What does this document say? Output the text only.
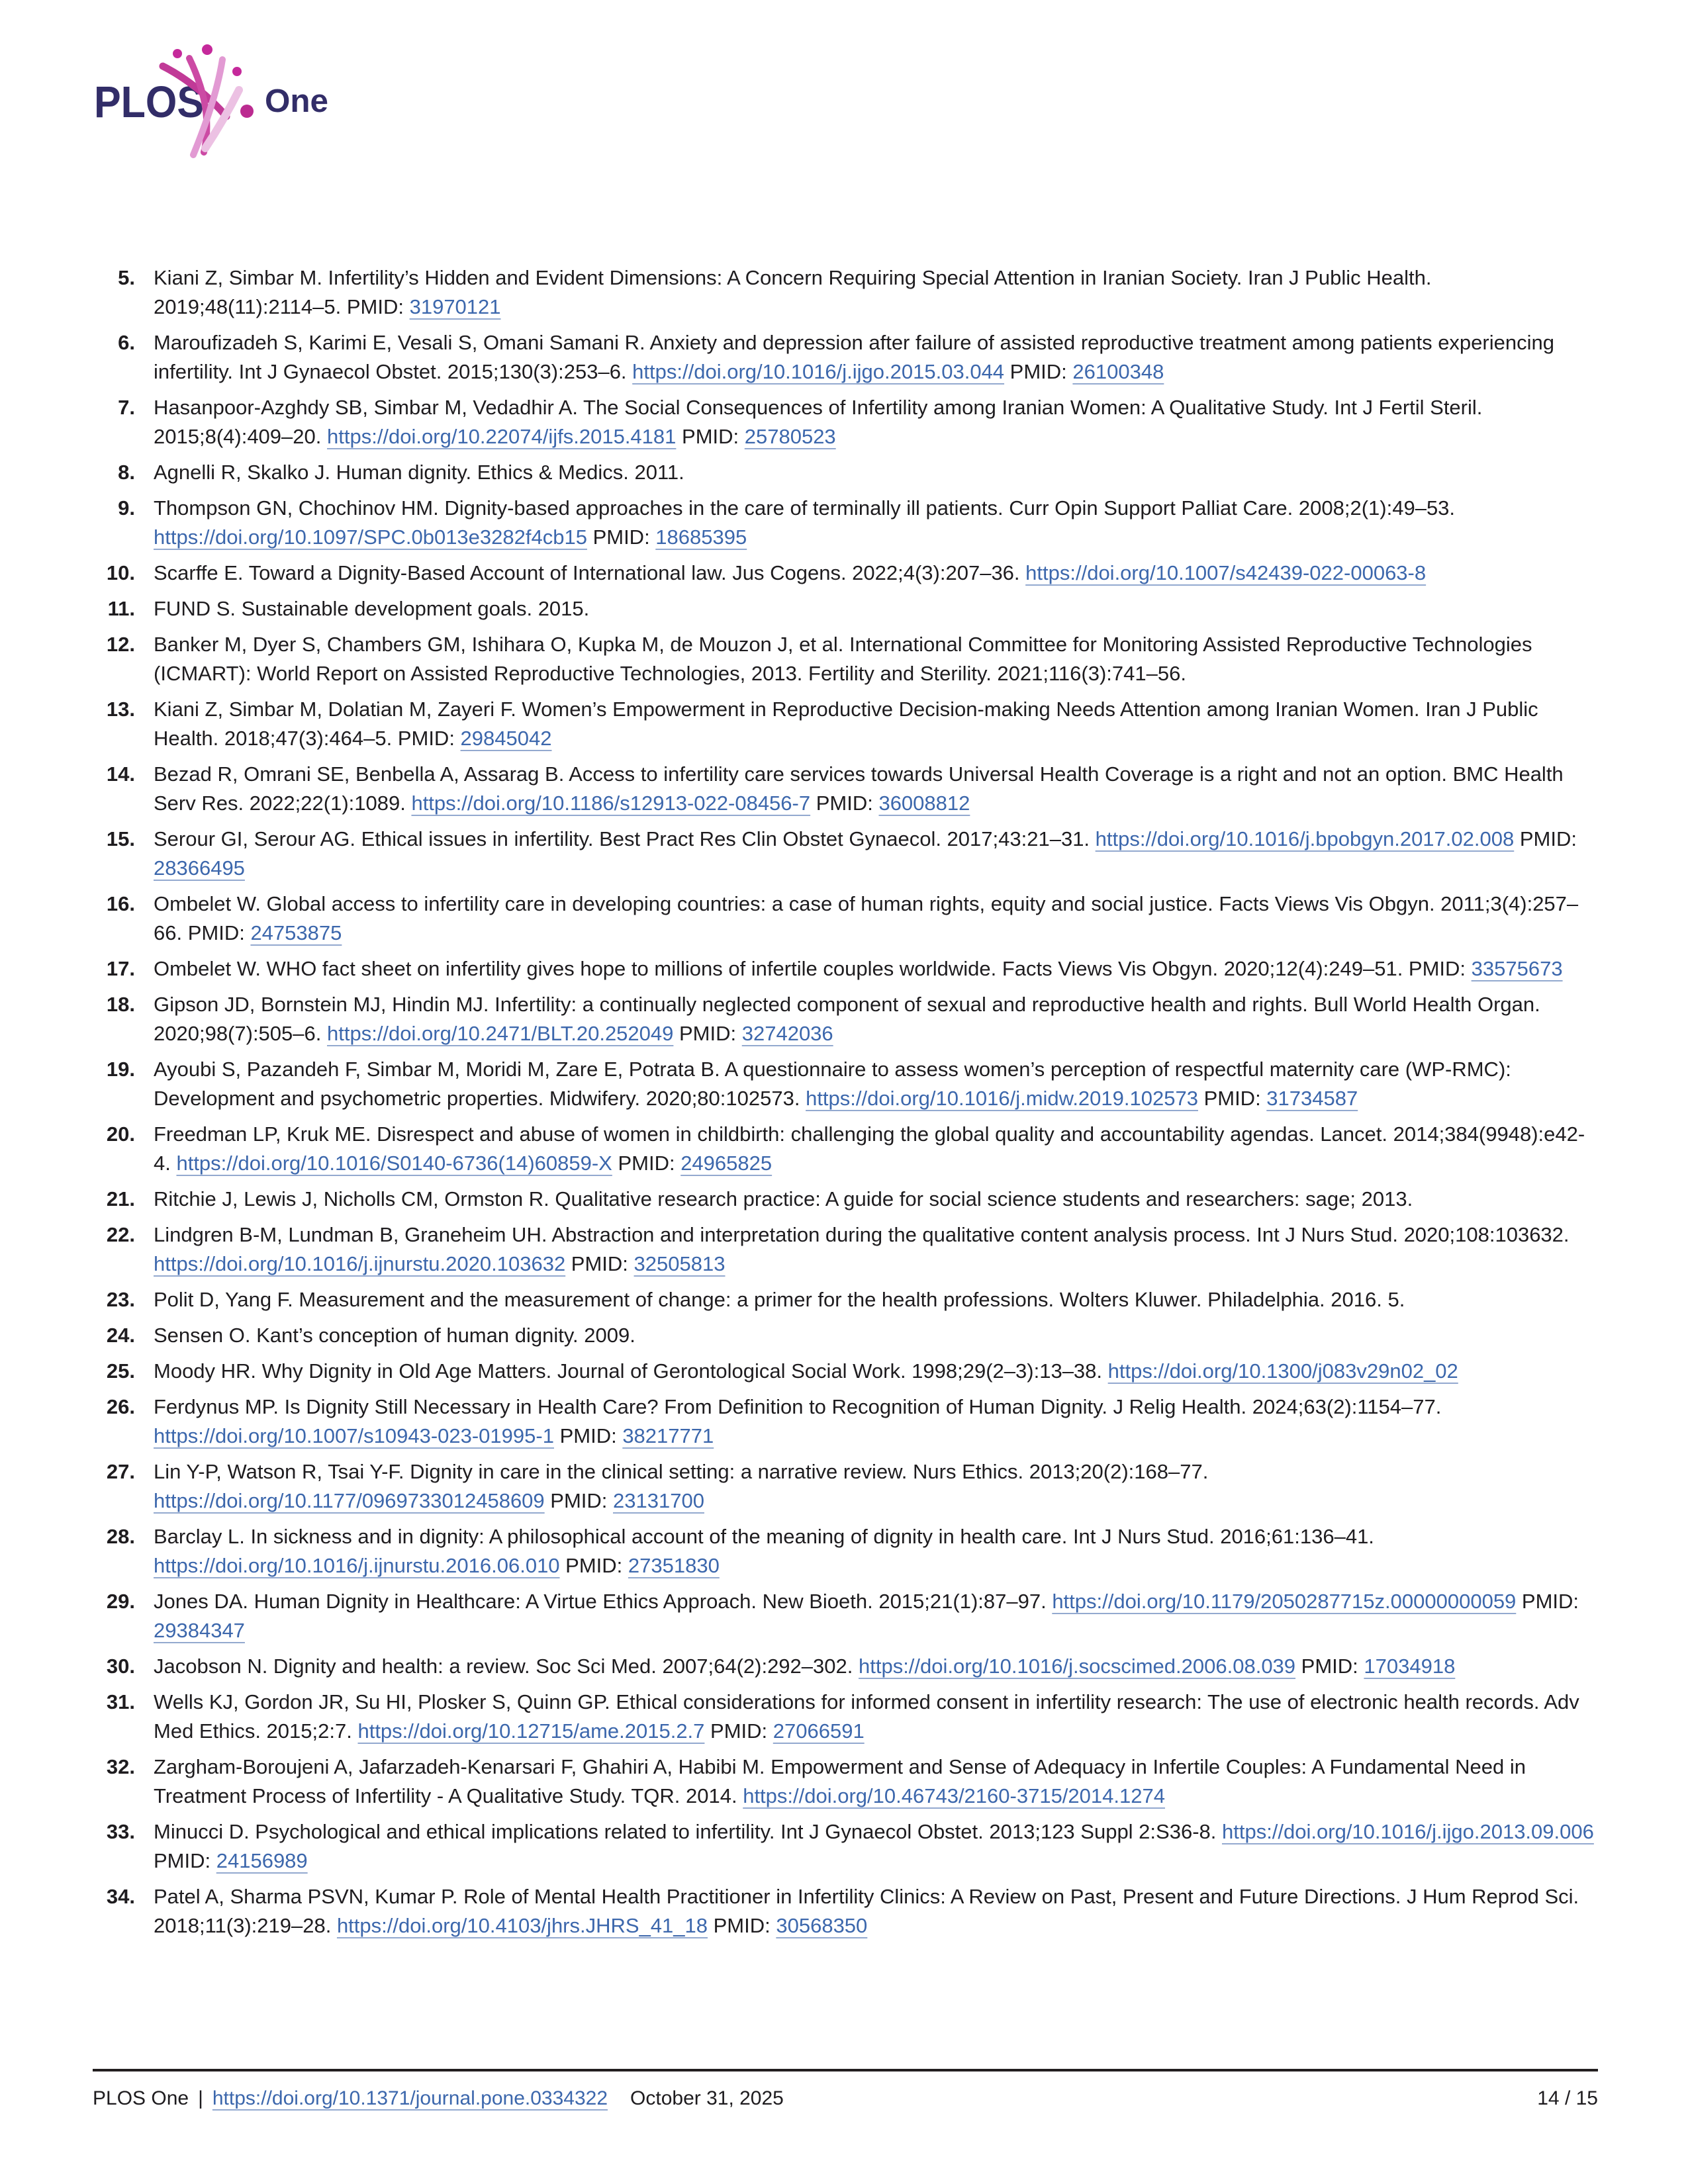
PLOS One
5. Kiani Z, Simbar M. Infertility’s Hidden and Evident Dimensions: A Concern Requiring Special Attention in Iranian Society. Iran J Public Health. 2019;48(11):2114–5. PMID: 31970121

6. Maroufizadeh S, Karimi E, Vesali S, Omani Samani R. Anxiety and depression after failure of assisted reproductive treatment among patients experiencing infertility. Int J Gynaecol Obstet. 2015;130(3):253–6. https://doi.org/10.1016/j.ijgo.2015.03.044 PMID: 26100348

7. Hasanpoor-Azghdy SB, Simbar M, Vedadhir A. The Social Consequences of Infertility among Iranian Women: A Qualitative Study. Int J Fertil Steril. 2015;8(4):409–20. https://doi.org/10.22074/ijfs.2015.4181 PMID: 25780523

8. Agnelli R, Skalko J. Human dignity. Ethics & Medics. 2011.

9. Thompson GN, Chochinov HM. Dignity-based approaches in the care of terminally ill patients. Curr Opin Support Palliat Care. 2008;2(1):49–53. https://doi.org/10.1097/SPC.0b013e3282f4cb15 PMID: 18685395

10. Scarffe E. Toward a Dignity-Based Account of International law. Jus Cogens. 2022;4(3):207–36. https://doi.org/10.1007/s42439-022-00063-8

11. FUND S. Sustainable development goals. 2015.

12. Banker M, Dyer S, Chambers GM, Ishihara O, Kupka M, de Mouzon J, et al. International Committee for Monitoring Assisted Reproductive Technologies (ICMART): World Report on Assisted Reproductive Technologies, 2013. Fertility and Sterility. 2021;116(3):741–56.

13. Kiani Z, Simbar M, Dolatian M, Zayeri F. Women’s Empowerment in Reproductive Decision-making Needs Attention among Iranian Women. Iran J Public Health. 2018;47(3):464–5. PMID: 29845042

14. Bezad R, Omrani SE, Benbella A, Assarag B. Access to infertility care services towards Universal Health Coverage is a right and not an option. BMC Health Serv Res. 2022;22(1):1089. https://doi.org/10.1186/s12913-022-08456-7 PMID: 36008812

15. Serour GI, Serour AG. Ethical issues in infertility. Best Pract Res Clin Obstet Gynaecol. 2017;43:21–31. https://doi.org/10.1016/j.bpobgyn.2017.02.008 PMID: 28366495

16. Ombelet W. Global access to infertility care in developing countries: a case of human rights, equity and social justice. Facts Views Vis Obgyn. 2011;3(4):257–66. PMID: 24753875

17. Ombelet W. WHO fact sheet on infertility gives hope to millions of infertile couples worldwide. Facts Views Vis Obgyn. 2020;12(4):249–51. PMID: 33575673

18. Gipson JD, Bornstein MJ, Hindin MJ. Infertility: a continually neglected component of sexual and reproductive health and rights. Bull World Health Organ. 2020;98(7):505–6. https://doi.org/10.2471/BLT.20.252049 PMID: 32742036

19. Ayoubi S, Pazandeh F, Simbar M, Moridi M, Zare E, Potrata B. A questionnaire to assess women’s perception of respectful maternity care (WP-RMC): Development and psychometric properties. Midwifery. 2020;80:102573. https://doi.org/10.1016/j.midw.2019.102573 PMID: 31734587

20. Freedman LP, Kruk ME. Disrespect and abuse of women in childbirth: challenging the global quality and accountability agendas. Lancet. 2014;384(9948):e42-4. https://doi.org/10.1016/S0140-6736(14)60859-X PMID: 24965825

21. Ritchie J, Lewis J, Nicholls CM, Ormston R. Qualitative research practice: A guide for social science students and researchers: sage; 2013.

22. Lindgren B-M, Lundman B, Graneheim UH. Abstraction and interpretation during the qualitative content analysis process. Int J Nurs Stud. 2020;108:103632. https://doi.org/10.1016/j.ijnurstu.2020.103632 PMID: 32505813

23. Polit D, Yang F. Measurement and the measurement of change: a primer for the health professions. Wolters Kluwer. Philadelphia. 2016. 5.

24. Sensen O. Kant’s conception of human dignity. 2009.

25. Moody HR. Why Dignity in Old Age Matters. Journal of Gerontological Social Work. 1998;29(2–3):13–38. https://doi.org/10.1300/j083v29n02_02

26. Ferdynus MP. Is Dignity Still Necessary in Health Care? From Definition to Recognition of Human Dignity. J Relig Health. 2024;63(2):1154–77. https://doi.org/10.1007/s10943-023-01995-1 PMID: 38217771

27. Lin Y-P, Watson R, Tsai Y-F. Dignity in care in the clinical setting: a narrative review. Nurs Ethics. 2013;20(2):168–77. https://doi.org/10.1177/0969733012458609 PMID: 23131700

28. Barclay L. In sickness and in dignity: A philosophical account of the meaning of dignity in health care. Int J Nurs Stud. 2016;61:136–41. https://doi.org/10.1016/j.ijnurstu.2016.06.010 PMID: 27351830

29. Jones DA. Human Dignity in Healthcare: A Virtue Ethics Approach. New Bioeth. 2015;21(1):87–97. https://doi.org/10.1179/2050287715z.00000000059 PMID: 29384347

30. Jacobson N. Dignity and health: a review. Soc Sci Med. 2007;64(2):292–302. https://doi.org/10.1016/j.socscimed.2006.08.039 PMID: 17034918

31. Wells KJ, Gordon JR, Su HI, Plosker S, Quinn GP. Ethical considerations for informed consent in infertility research: The use of electronic health records. Adv Med Ethics. 2015;2:7. https://doi.org/10.12715/ame.2015.2.7 PMID: 27066591

32. Zargham-Boroujeni A, Jafarzadeh-Kenarsari F, Ghahiri A, Habibi M. Empowerment and Sense of Adequacy in Infertile Couples: A Fundamental Need in Treatment Process of Infertility - A Qualitative Study. TQR. 2014. https://doi.org/10.46743/2160-3715/2014.1274

33. Minucci D. Psychological and ethical implications related to infertility. Int J Gynaecol Obstet. 2013;123 Suppl 2:S36-8. https://doi.org/10.1016/j.ijgo.2013.09.006 PMID: 24156989

34. Patel A, Sharma PSVN, Kumar P. Role of Mental Health Practitioner in Infertility Clinics: A Review on Past, Present and Future Directions. J Hum Reprod Sci. 2018;11(3):219–28. https://doi.org/10.4103/jhrs.JHRS_41_18 PMID: 30568350

PLOS One | https://doi.org/10.1371/journal.pone.0334322 October 31, 2025	14 / 15
